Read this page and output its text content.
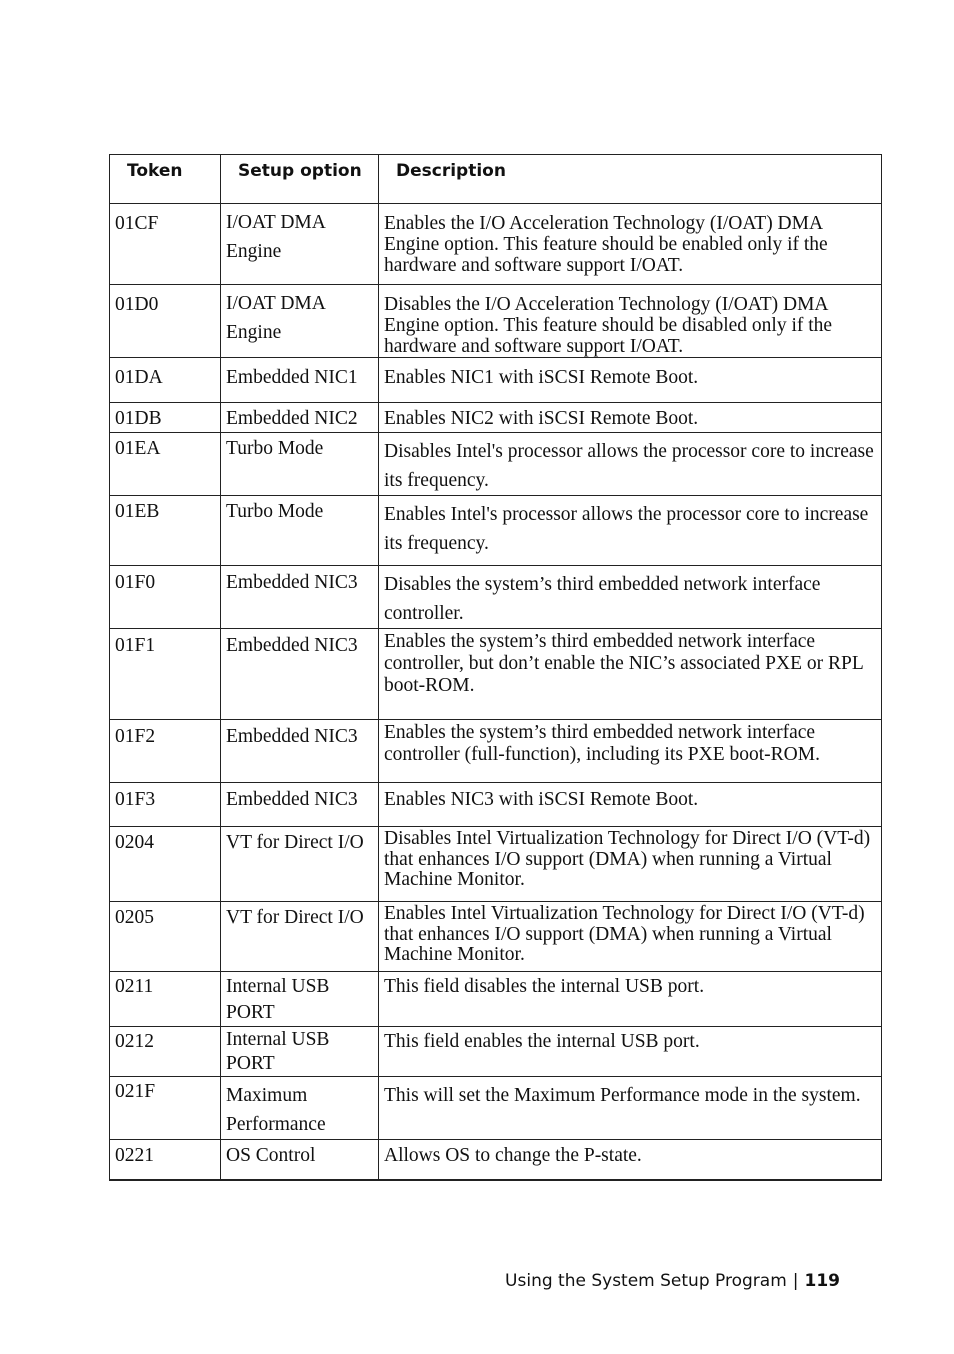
Token	Setup option	Description
01CF	I/OAT DMA Engine	Enables the I/O Acceleration Technology (I/OAT) DMA Engine option. This feature should be enabled only if the hardware and software support I/OAT.
01D0	I/OAT DMA Engine	Disables the I/O Acceleration Technology (I/OAT) DMA Engine option. This feature should be disabled only if the hardware and software support I/OAT.
01DA	Embedded NIC1	Enables NIC1 with iSCSI Remote Boot.
01DB	Embedded NIC2	Enables NIC2 with iSCSI Remote Boot.
01EA	Turbo Mode	Disables Intel's processor allows the processor core to increase its frequency.
01EB	Turbo Mode	Enables Intel's processor allows the processor core to increase its frequency.
01F0	Embedded NIC3	Disables the system’s third embedded network interface controller.
01F1	Embedded NIC3	Enables the system’s third embedded network interface controller, but don’t enable the NIC’s associated PXE or RPL boot-ROM.
01F2	Embedded NIC3	Enables the system’s third embedded network interface controller (full-function), including its PXE boot-ROM.
01F3	Embedded NIC3	Enables NIC3 with iSCSI Remote Boot.
0204	VT for Direct I/O	Disables Intel Virtualization Technology for Direct I/O (VT-d) that enhances I/O support (DMA) when running a Virtual Machine Monitor.
0205	VT for Direct I/O	Enables Intel Virtualization Technology for Direct I/O (VT-d)   that enhances I/O support (DMA) when running a Virtual Machine Monitor.
0211	Internal USB PORT	This field disables the internal USB port.
0212	Internal USB PORT	This field enables the internal USB port.
021F	Maximum Performance	This will set the Maximum Performance mode in the system.
0221	OS Control	Allows OS to change the P-state.
Using the System Setup Program | 119
